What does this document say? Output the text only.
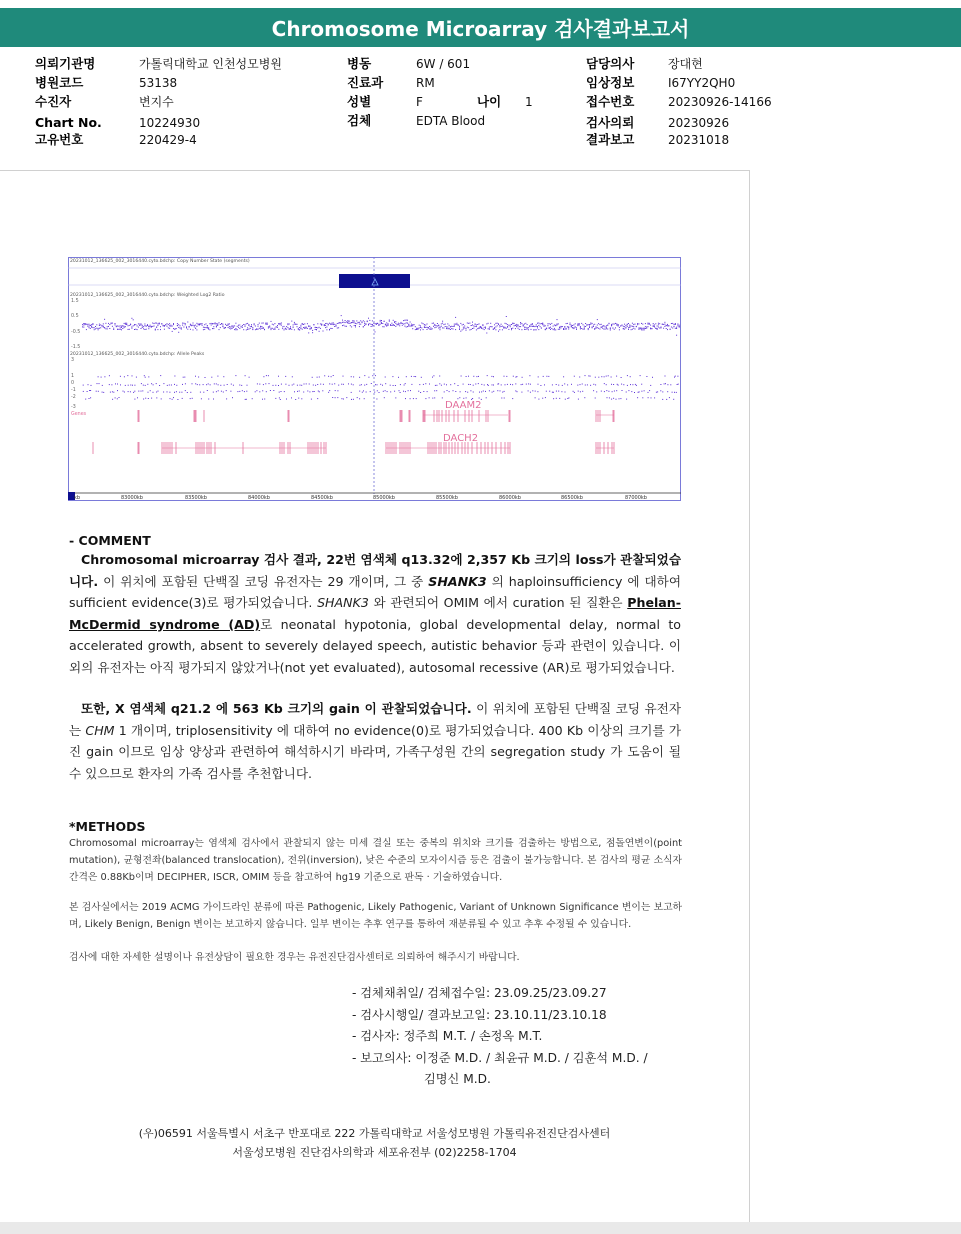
Chromosome Microarray 검사결과보고서
의뢰기관명	가톨릭대학교 인천성모병원
병원코드	53138
수진자	변지수
Chart No.	10224930
고유번호	220429-4
병동	6W / 601
진료과	RM
성별	F	나이 1
검체	EDTA Blood
담당의사	장대현
임상정보	I67YY2QH0
접수번호	20230926-14166
검사의뢰	20230926
결과보고	20231018
20231012_136625_002_3016440.cyto.bdchp: Copy Number State (segments)
20231012_136625_002_3016440.cyto.bdchp: Weighted Log2 Ratio
1.5
0.5
-0.5
-1.5
20231012_136625_002_3016440.cyto.bdchp: Allele Peaks
3
1
0
-1
-2
-3
Genes
DAAM2
DACH2
kb	83000kb	83500kb	84000kb	84500kb	85000kb	85500kb	86000kb	86500kb	87000kb
- COMMENT
Chromosomal microarray 검사 결과, 22번 염색체 q13.32에 2,357 Kb 크기의 loss가 관찰되었습니다. 이 위치에 포함된 단백질 코딩 유전자는 29 개이며, 그 중 SHANK3 의 haploinsufficiency 에 대하여 sufficient evidence(3)로 평가되었습니다. SHANK3 와 관련되어 OMIM 에서 curation 된 질환은 Phelan-McDermid syndrome (AD)로 neonatal hypotonia, global developmental delay, normal to accelerated growth, absent to severely delayed speech, autistic behavior 등과 관련이 있습니다. 이 외의 유전자는 아직 평가되지 않았거나(not yet evaluated), autosomal recessive (AR)로 평가되었습니다.
또한, X 염색체 q21.2 에 563 Kb 크기의 gain 이 관찰되었습니다. 이 위치에 포함된 단백질 코딩 유전자는 CHM 1 개이며, triplosensitivity 에 대하여 no evidence(0)로 평가되었습니다. 400 Kb 이상의 크기를 가진 gain 이므로 임상 양상과 관련하여 해석하시기 바라며, 가족구성원 간의 segregation study 가 도움이 될 수 있으므로 환자의 가족 검사를 추천합니다.
*METHODS
Chromosomal microarray는 염색체 검사에서 관찰되지 않는 미세 결실 또는 중복의 위치와 크기를 검출하는 방법으로, 점돌연변이(point mutation), 균형전좌(balanced translocation), 전위(inversion), 낮은 수준의 모자이시즘 등은 검출이 불가능합니다. 본 검사의 평균 소식자 간격은 0.88Kb이며 DECIPHER, ISCR, OMIM 등을 참고하여 hg19 기준으로 판독 · 기술하였습니다.
본 검사실에서는 2019 ACMG 가이드라인 분류에 따른 Pathogenic, Likely Pathogenic, Variant of Unknown Significance 변이는 보고하며, Likely Benign, Benign 변이는 보고하지 않습니다. 일부 변이는 추후 연구를 통하여 재분류될 수 있고 추후 수정될 수 있습니다.
검사에 대한 자세한 설명이나 유전상담이 필요한 경우는 유전진단검사센터로 의뢰하여 해주시기 바랍니다.
- 검체채취일/ 검체접수일: 23.09.25/23.09.27
- 검사시행일/ 결과보고일: 23.10.11/23.10.18
- 검사자: 정주희 M.T. / 손정옥 M.T.
- 보고의사: 이정준 M.D. / 최윤규 M.D. / 김훈석 M.D. /
김명신 M.D.
(우)06591 서울특별시 서초구 반포대로 222 가톨릭대학교 서울성모병원 가톨릭유전진단검사센터
서울성모병원 진단검사의학과 세포유전부 (02)2258-1704
